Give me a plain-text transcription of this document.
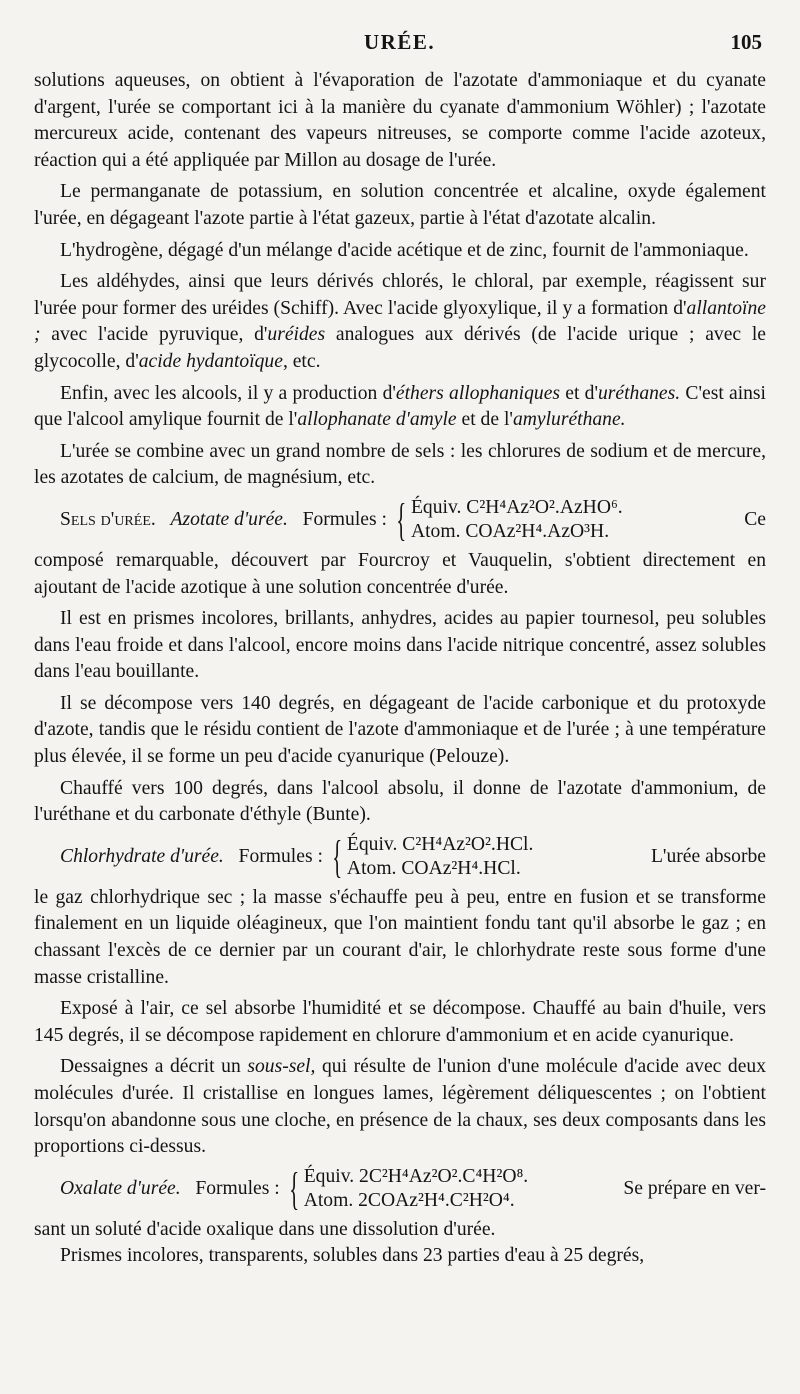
URÉE.	105

solutions aqueuses, on obtient à l'évaporation de l'azotate d'ammoniaque et du cyanate d'argent, l'urée se comportant ici à la manière du cyanate d'ammonium Wöhler) ; l'azotate mercureux acide, contenant des vapeurs nitreuses, se comporte comme l'acide azoteux, réaction qui a été appliquée par Millon au dosage de l'urée.

Le permanganate de potassium, en solution concentrée et alcaline, oxyde également l'urée, en dégageant l'azote partie à l'état gazeux, partie à l'état d'azotate alcalin.

L'hydrogène, dégagé d'un mélange d'acide acétique et de zinc, fournit de l'ammoniaque.

Les aldéhydes, ainsi que leurs dérivés chlorés, le chloral, par exemple, réagissent sur l'urée pour former des uréides (Schiff). Avec l'acide glyoxylique, il y a formation d'allantoïne ; avec l'acide pyruvique, d'uréides analogues aux dérivés (de l'acide urique ; avec le glycocolle, d'acide hydantoïque, etc.

Enfin, avec les alcools, il y a production d'éthers allophaniques et d'uréthanes. C'est ainsi que l'alcool amylique fournit de l'allophanate d'amyle et de l'amyluréthane.

L'urée se combine avec un grand nombre de sels : les chlorures de sodium et de mercure, les azotates de calcium, de magnésium, etc.

Sels d'urée. Azotate d'urée. Formules : { Équiv. C²H⁴Az²O².AzHO⁶.
Atom. COAz²H⁴.AzO³H.
Ce

composé remarquable, découvert par Fourcroy et Vauquelin, s'obtient directement en ajoutant de l'acide azotique à une solution concentrée d'urée.

Il est en prismes incolores, brillants, anhydres, acides au papier tournesol, peu solubles dans l'eau froide et dans l'alcool, encore moins dans l'acide nitrique concentré, assez solubles dans l'eau bouillante.

Il se décompose vers 140 degrés, en dégageant de l'acide carbonique et du protoxyde d'azote, tandis que le résidu contient de l'azote d'ammoniaque et de l'urée ; à une température plus élevée, il se forme un peu d'acide cyanurique (Pelouze).

Chauffé vers 100 degrés, dans l'alcool absolu, il donne de l'azotate d'ammonium, de l'uréthane et du carbonate d'éthyle (Bunte).

Chlorhydrate d'urée. Formules : { Équiv. C²H⁴Az²O².HCl.
Atom. COAz²H⁴.HCl.
L'urée absorbe

le gaz chlorhydrique sec ; la masse s'échauffe peu à peu, entre en fusion et se transforme finalement en un liquide oléagineux, que l'on maintient fondu tant qu'il absorbe le gaz ; en chassant l'excès de ce dernier par un courant d'air, le chlorhydrate reste sous forme d'une masse cristalline.

Exposé à l'air, ce sel absorbe l'humidité et se décompose. Chauffé au bain d'huile, vers 145 degrés, il se décompose rapidement en chlorure d'ammonium et en acide cyanurique.

Dessaignes a décrit un sous-sel, qui résulte de l'union d'une molécule d'acide avec deux molécules d'urée. Il cristallise en longues lames, légèrement déliquescentes ; on l'obtient lorsqu'on abandonne sous une cloche, en présence de la chaux, ses deux composants dans les proportions ci-dessus.

Oxalate d'urée. Formules : { Équiv. 2C²H⁴Az²O².C⁴H²O⁸.
Atom. 2COAz²H⁴.C²H²O⁴.
Se prépare en ver-

sant un soluté d'acide oxalique dans une dissolution d'urée.

Prismes incolores, transparents, solubles dans 23 parties d'eau à 25 degrés,
